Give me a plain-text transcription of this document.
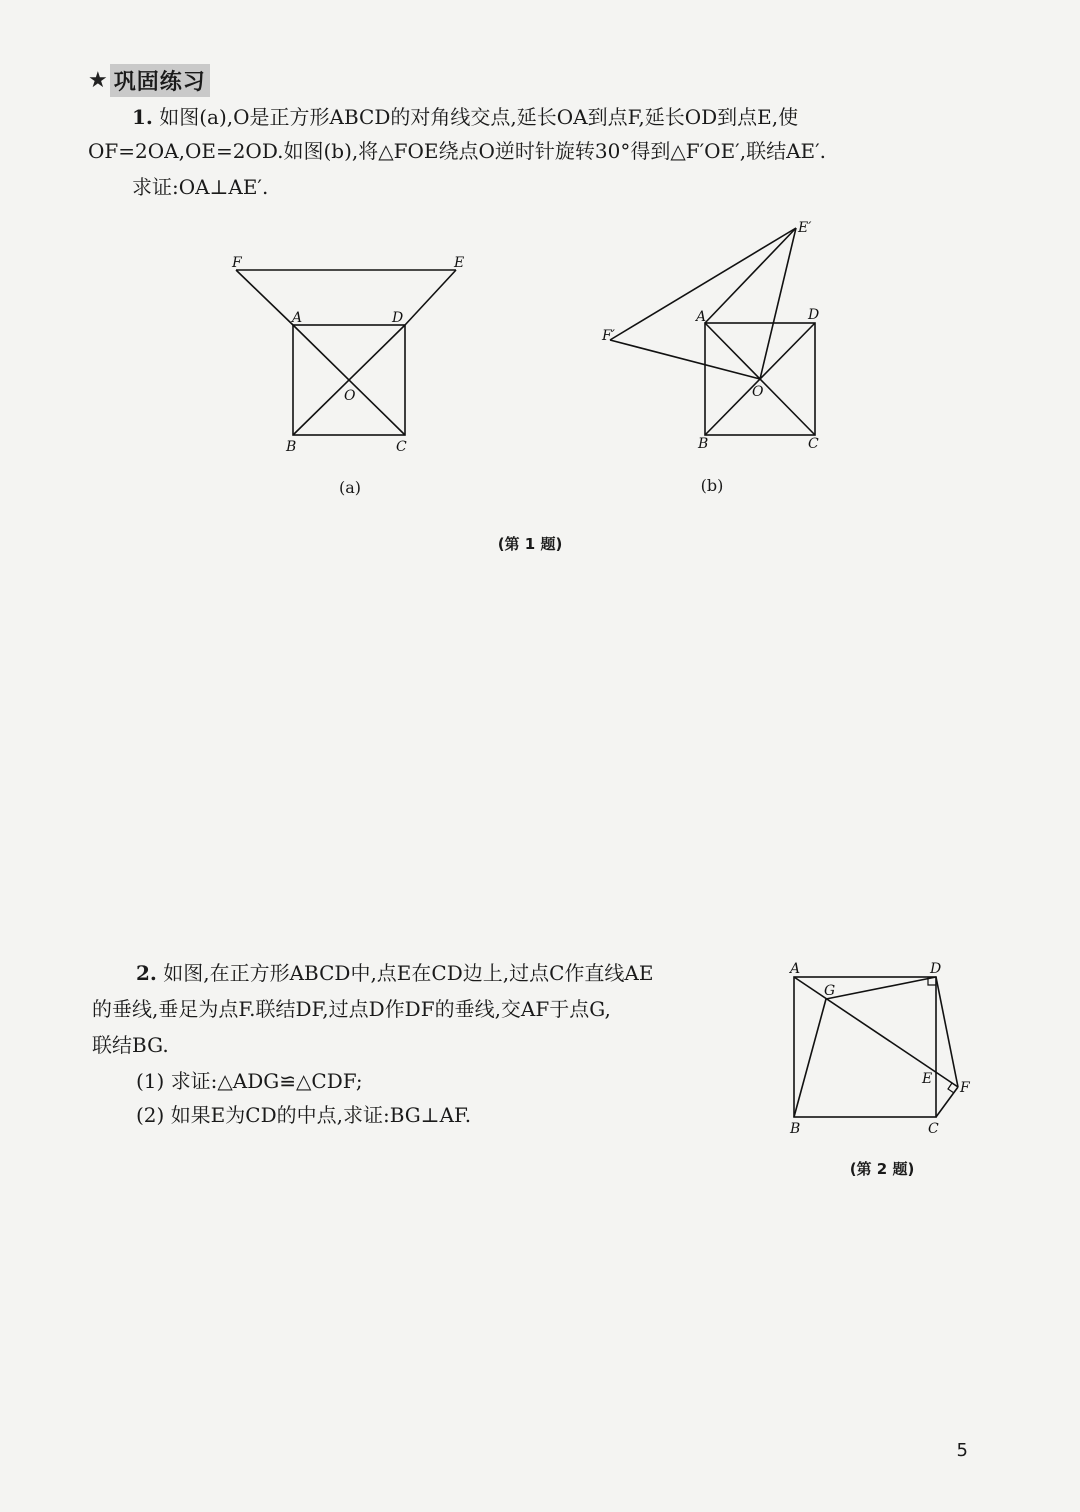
★ 巩固练习

1. 如图(a),O是正方形ABCD的对角线交点,延长OA到点F,延长OD到点E,使

OF=2OA,OE=2OD.如图(b),将△FOE绕点O逆时针旋转30°得到△F′OE′,联结AE′.

求证:OA⊥AE′.

F	E
A	D
O
B	C
(a)
E′
F′
A	D
O
B	C
(b)
(第 1 题)

2. 如图,在正方形ABCD中,点E在CD边上,过点C作直线AE

的垂线,垂足为点F.联结DF,过点D作DF的垂线,交AF于点G,

联结BG.

(1) 求证:△ADG≌△CDF;

(2) 如果E为CD的中点,求证:BG⊥AF.

A	D
G
E
F
B	C
(第 2 题)
5
